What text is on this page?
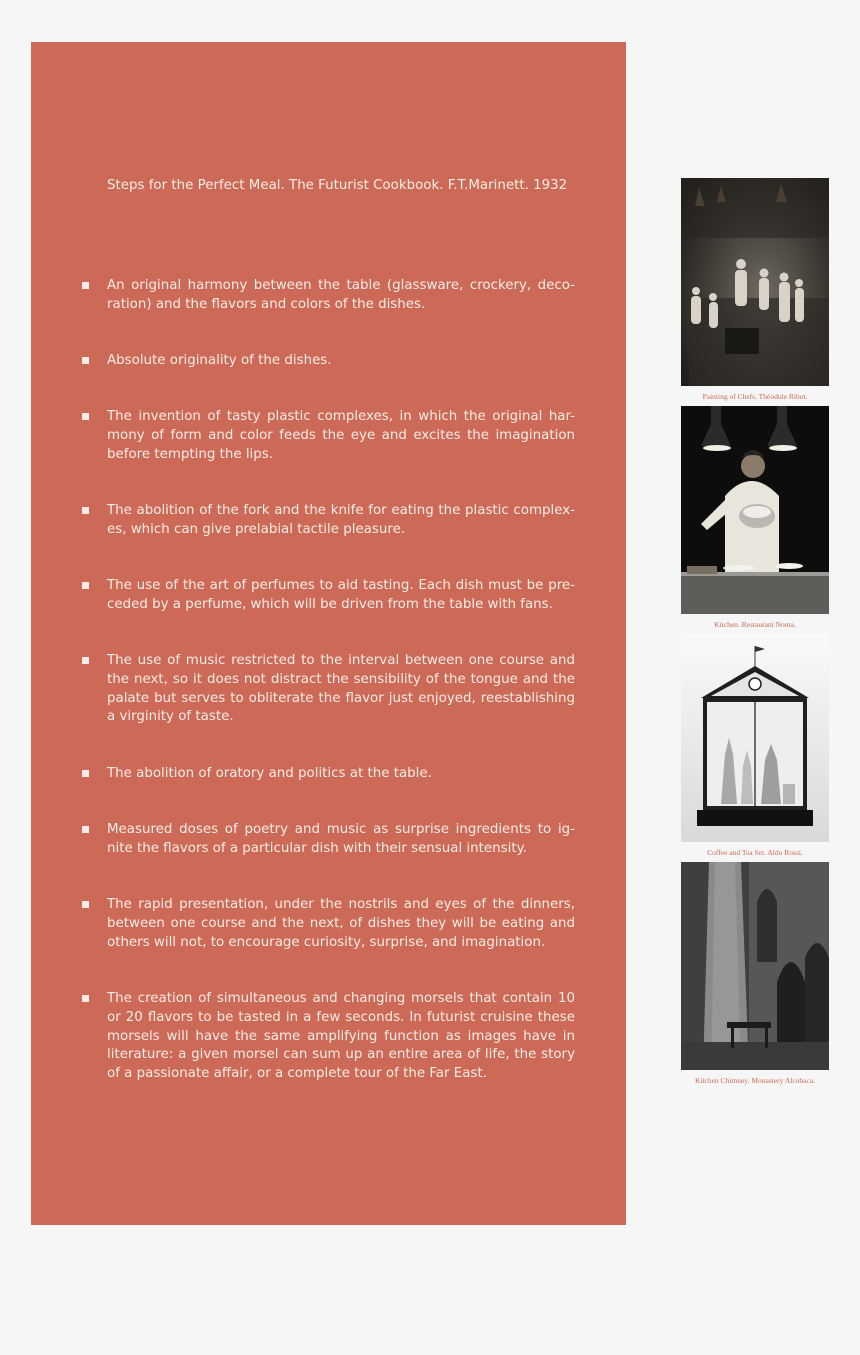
Steps for the Perfect Meal. The Futurist Cookbook. F.T.Marinett. 1932
An original harmony between the table (glassware, crockery, deco-ration) and the flavors and colors of the dishes.
Absolute originality of the dishes.
The invention of tasty plastic complexes, in which the original har-mony of form and color feeds the eye and excites the imagination before tempting the lips.
The abolition of the fork and the knife for eating the plastic complex-es, which can give prelabial tactile pleasure.
The use of the art of perfumes to aid tasting. Each dish must be pre-ceded by a perfume, which will be driven from the table with fans.
The use of music restricted to the interval between one course and the next, so it does not distract the sensibility of the tongue and the palate but serves to obliterate the flavor just enjoyed, reestablishing a virginity of taste.
The abolition of oratory and politics at the table.
Measured doses of poetry and music as surprise ingredients to ig-nite the flavors of a particular dish with their sensual intensity.
The rapid presentation, under the nostrils and eyes of the dinners, between one course and the next, of dishes they will be eating and others will not, to encourage curiosity, surprise, and imagination.
The creation of simultaneous and changing morsels that contain 10 or 20 flavors to be tasted in a few seconds. In futurist cruisine these morsels will have the same amplifying function as images have in literature: a given morsel can sum up an entire area of life, the story of a passionate affair, or a complete tour of the Far East.
Painting of Chefs. Théodule Ribot.
Kitchen. Restaurant Noma.
Coffee and Tea Set. Aldo Rossi.
Kitchen Chimney. Monastery Alcobaca.
